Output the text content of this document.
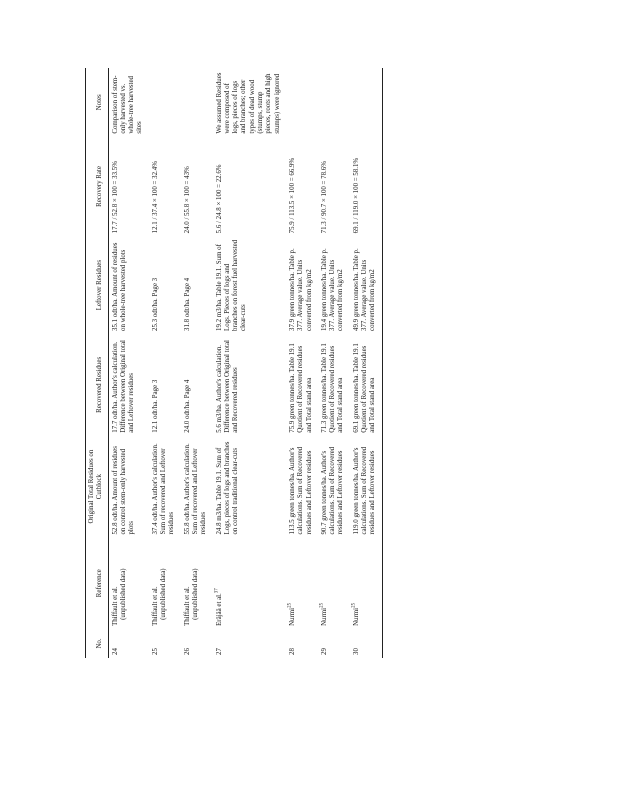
No.	Reference	Original Total Residues on Cutblock	Recovered Residues	Leftover Residues	Recovery Rate	Notes
24	Thiffault et al. (unpublished data)	52.8 odt/ha. Amount of residues on control stem-only harvested plots	17.7 odt/ha. Author's calculation. Difference between Original total and Leftover residues	35.1 odt/ha. Amount of residues on whole-tree harvested plots	17.7 / 52.8 × 100 = 33.5%	Comparison of stem-only harvested vs. whole-tree harvested sites
25	Thiffault et al. (unpublished data)	37.4 odt/ha. Author's calculation. Sum of recovered and Leftover residues	12.1 odt/ha. Page 3	25.3 odt/ha. Page 3	12.1 / 37.4 × 100 = 32.4%	
26	Thiffault et al. (unpublished data)	55.8 odt/ha. Author's calculation. Sum of recovered and Leftover residues	24.0 odt/ha. Page 4	31.8 odt/ha. Page 4	24.0 / 55.8 × 100 = 43%	
27	Eräjää et al.$^{37}$	24.8 m3/ha. Table 19.1. Sum of Logs, pieces of logs and branches on control traditional clear-cuts	5.6 m3/ha. Author's calculation. Difference between Original total and Recovered residues	19.2 m3/ha. Table 19.1. Sum of Logs. Pieces of logs and branches on forest fuel harvested clear-cuts	5.6 / 24.8 × 100 = 22.6%	We assumed Residues were composed of logs, pieces of logs and branches; other types of dead wood (stumps, stump pieces, roots and high stumps) were ignored
28	Nurmi$^{25}$	113.5 green tonnes/ha. Author's calculations. Sum of Recovered residues and Leftover residues	75.9 green tonnes/ha. Table 19.1 Quotient of Recovered residues and Total stand area	37.9 green tonnes/ha. Table p. 377. Average value. Units converted from kg/m2	75.9 / 113.5 × 100 = 66.9%	
29	Nurmi$^{25}$	90.7 green tonnes/ha. Author's calculations. Sum of Recovered residues and Leftover residues	71.3 green tonnes/ha. Table 19.1 Quotient of Recovered residues and Total stand area	19.4 green tonnes/ha. Table p. 377. Average value. Units converted from kg/m2	71.3 / 90.7 × 100 = 78.6%	
30	Nurmi$^{25}$	119.0 green tonnes/ha. Author's calculations. Sum of Recovered residues and Leftover residues	69.1 green tonnes/ha. Table 19.1 Quotient of Recovered residues and Total stand area	49.9 green tonnes/ha. Table p. 377. Average value. Units converted from kg/m2	69.1 / 119.0 × 100 = 58.1%	
